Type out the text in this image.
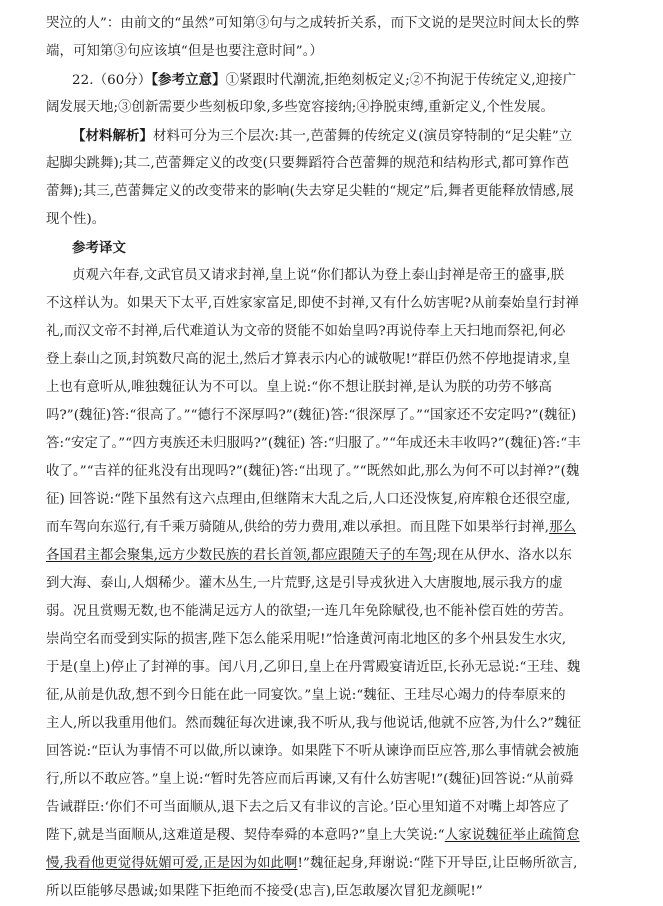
哭泣的人”：由前文的“虽然”可知第③句与之成转折关系，而下文说的是哭泣时间太长的弊
端，可知第③句应该填“但是也要注意时间”。）
22.（60分）【参考立意】①紧跟时代潮流,拒绝刻板定义;②不拘泥于传统定义,迎接广
阔发展天地;③创新需要少些刻板印象,多些宽容接纳;④挣脱束缚,重新定义,个性发展。
【材料解析】材料可分为三个层次:其一,芭蕾舞的传统定义(演员穿特制的“足尖鞋”立
起脚尖跳舞);其二,芭蕾舞定义的改变(只要舞蹈符合芭蕾舞的规范和结构形式,都可算作芭
蕾舞);其三,芭蕾舞定义的改变带来的影响(失去穿足尖鞋的“规定”后,舞者更能释放情感,展
现个性)。
参考译文
贞观六年春,文武官员又请求封禅,皇上说“你们都认为登上泰山封禅是帝王的盛事,朕
不这样认为。如果天下太平,百姓家家富足,即使不封禅,又有什么妨害呢?从前秦始皇行封禅
礼,而汉文帝不封禅,后代难道认为文帝的贤能不如始皇吗?再说侍奉上天扫地而祭祀,何必
登上泰山之顶,封筑数尺高的泥土,然后才算表示内心的诚敬呢!”群臣仍然不停地提请求,皇
上也有意听从,唯独魏征认为不可以。皇上说:“你不想让朕封禅,是认为朕的功劳不够高
吗?”(魏征)答:“很高了。”“德行不深厚吗?”(魏征)答:“很深厚了。”“国家还不安定吗?”(魏征)
答:“安定了。”“四方夷族还未归服吗?”(魏征) 答:“归服了。”“年成还未丰收吗?”(魏征)答:“丰
收了。”“吉祥的征兆没有出现吗?”(魏征)答:“出现了。”“既然如此,那么为何不可以封禅?”(魏
征) 回答说:“陛下虽然有这六点理由,但继隋末大乱之后,人口还没恢复,府库粮仓还很空虚,
而车驾向东巡行,有千乘万骑随从,供给的劳力费用,难以承担。而且陛下如果举行封禅,那么
各国君主都会聚集,远方少数民族的君长首领,都应跟随天子的车驾;现在从伊水、洛水以东
到大海、泰山,人烟稀少。灌木丛生,一片荒野,这是引导戎狄进入大唐腹地,展示我方的虚
弱。况且赏赐无数,也不能满足远方人的欲望;一连几年免除赋役,也不能补偿百姓的劳苦。
崇尚空名而受到实际的损害,陛下怎么能采用呢!”恰逢黄河南北地区的多个州县发生水灾,
于是(皇上)停止了封禅的事。闰八月,乙卯日,皇上在丹霄殿宴请近臣,长孙无忌说:“王珪、魏
征,从前是仇敌,想不到今日能在此一同宴饮。”皇上说:“魏征、王珪尽心竭力的侍奉原来的
主人,所以我重用他们。然而魏征每次进谏,我不听从,我与他说话,他就不应答,为什么?”魏征
回答说:“臣认为事情不可以做,所以谏诤。如果陛下不听从谏诤而臣应答,那么事情就会被施
行,所以不敢应答。”皇上说:“暂时先答应而后再谏,又有什么妨害呢!”(魏征)回答说:“从前舜
告诫群臣:‘你们不可当面顺从,退下去之后又有非议的言论。’臣心里知道不对嘴上却答应了
陛下,就是当面顺从,这难道是稷、契侍奉舜的本意吗?”皇上大笑说:“人家说魏征举止疏简怠
慢,我看他更觉得妩媚可爱,正是因为如此啊!”魏征起身,拜谢说:“陛下开导臣,让臣畅所欲言,
所以臣能够尽愚诚;如果陛下拒绝而不接受(忠言),臣怎敢屡次冒犯龙颜呢!”
